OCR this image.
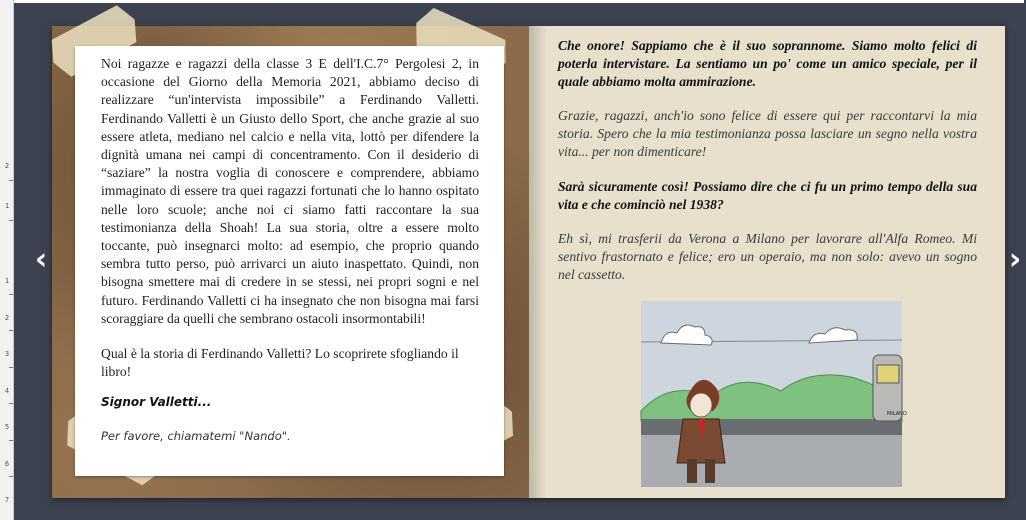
2
1
1
2
3
4
5
6
7

Noi ragazze e ragazzi della classe 3 E dell'I.C.7° Pergolesi 2, in occasione del Giorno della Memoria 2021, abbiamo deciso di realizzare “un'intervista impossibile” a Ferdinando Valletti. Ferdinando Valletti è un Giusto dello Sport, che anche grazie al suo essere atleta, mediano nel calcio e nella vita, lottò per difendere la dignità umana nei campi di concentramento. Con il desiderio di “saziare” la nostra voglia di conoscere e comprendere, abbiamo immaginato di essere tra quei ragazzi fortunati che lo hanno ospitato nelle loro scuole; anche noi ci siamo fatti raccontare la sua testimonianza della Shoah! La sua storia, oltre a essere molto toccante, può insegnarci molto: ad esempio, che proprio quando sembra tutto perso, può arrivarci un aiuto inaspettato. Quindi, non bisogna smettere mai di credere in se stessi, nei propri sogni e nel futuro. Ferdinando Valletti ci ha insegnato che non bisogna mai farsi scoraggiare da quelli che sembrano ostacoli insormontabili!

Qual è la storia di Ferdinando Valletti? Lo scoprirete sfogliando il libro!

Signor Valletti...

Per favore, chiamatemi "Nando".

Che onore! Sappiamo che è il suo soprannome. Siamo molto felici di poterla intervistare. La sentiamo un po' come un amico speciale, per il quale abbiamo molta ammirazione.

Grazie, ragazzi, anch'io sono felice di essere qui per raccontarvi la mia storia. Spero che la mia testimonianza possa lasciare un segno nella vostra vita... per non dimenticare!

Sarà sicuramente così! Possiamo dire che ci fu un primo tempo della sua vita e che cominciò nel 1938?

Eh sì, mi trasferii da Verona a Milano per lavorare all'Alfa Romeo. Mi sentivo frastornato e felice; ero un operaio, ma non solo: avevo un sogno nel cassetto.

MILANO
‹	›
